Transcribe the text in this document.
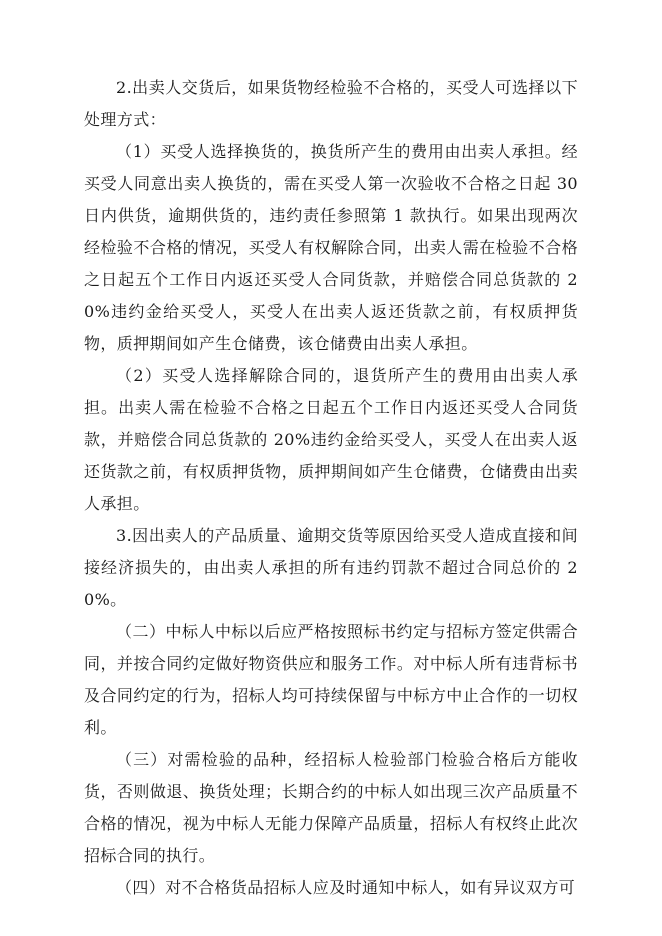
2.出卖人交货后，如果货物经检验不合格的，买受人可选择以下处理方式：

（1）买受人选择换货的，换货所产生的费用由出卖人承担。经买受人同意出卖人换货的，需在买受人第一次验收不合格之日起 30 日内供货，逾期供货的，违约责任参照第 1 款执行。如果出现两次经检验不合格的情况，买受人有权解除合同，出卖人需在检验不合格之日起五个工作日内返还买受人合同货款，并赔偿合同总货款的 20%违约金给买受人，买受人在出卖人返还货款之前，有权质押货物，质押期间如产生仓储费，该仓储费由出卖人承担。

（2）买受人选择解除合同的，退货所产生的费用由出卖人承担。出卖人需在检验不合格之日起五个工作日内返还买受人合同货款，并赔偿合同总货款的 20%违约金给买受人，买受人在出卖人返还货款之前，有权质押货物，质押期间如产生仓储费，仓储费由出卖人承担。

3.因出卖人的产品质量、逾期交货等原因给买受人造成直接和间接经济损失的，由出卖人承担的所有违约罚款不超过合同总价的 20%。

（二）中标人中标以后应严格按照标书约定与招标方签定供需合同，并按合同约定做好物资供应和服务工作。对中标人所有违背标书及合同约定的行为，招标人均可持续保留与中标方中止合作的一切权利。

（三）对需检验的品种，经招标人检验部门检验合格后方能收货，否则做退、换货处理；长期合约的中标人如出现三次产品质量不合格的情况，视为中标人无能力保障产品质量，招标人有权终止此次招标合同的执行。

（四）对不合格货品招标人应及时通知中标人，如有异议双方可
